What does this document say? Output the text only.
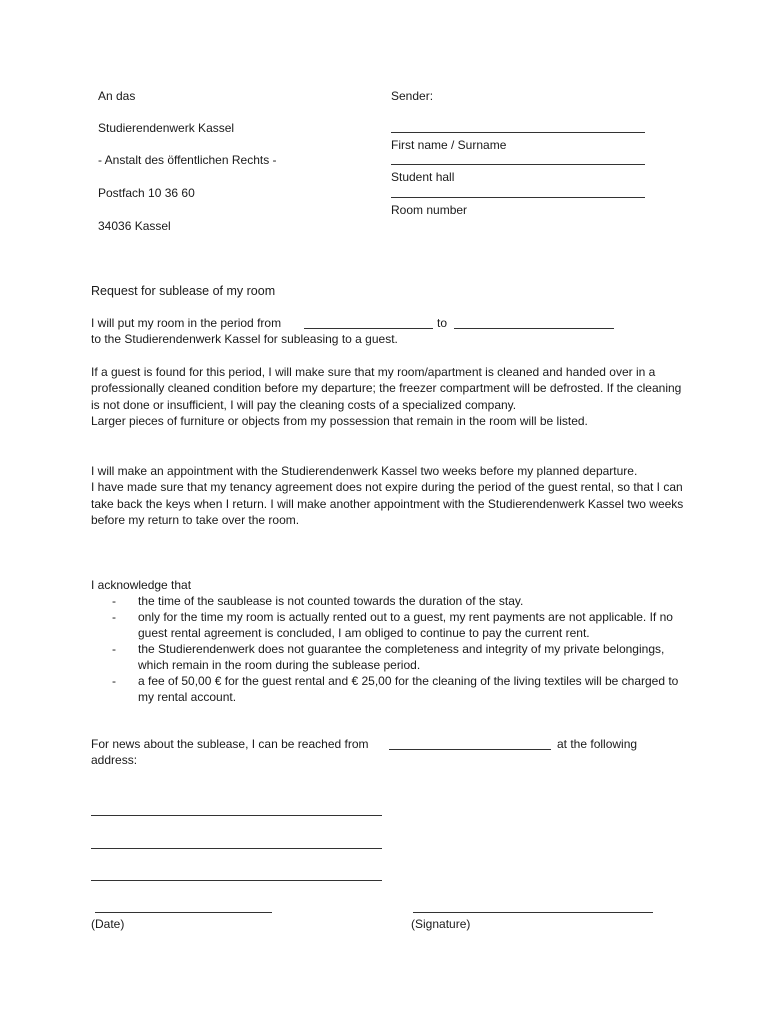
An das
Studierendenwerk Kassel
- Anstalt des öffentlichen Rechts -
Postfach 10 36 60
34036 Kassel
Sender:
First name / Surname
Student hall
Room number
Request for sublease of my room
I will put my room in the period from	to
to the Studierendenwerk Kassel for subleasing to a guest.

If a guest is found for this period, I will make sure that my room/apartment is cleaned and handed over in a professionally cleaned condition before my departure; the freezer compartment will be defrosted. If the cleaning is not done or insufficient, I will pay the cleaning costs of a specialized company.

Larger pieces of furniture or objects from my possession that remain in the room will be listed.

I will make an appointment with the Studierendenwerk Kassel two weeks before my planned departure.

I have made sure that my tenancy agreement does not expire during the period of the guest rental, so that I can take back the keys when I return. I will make another appointment with the Studierendenwerk Kassel two weeks before my return to take over the room.

I acknowledge that
- the time of the saublease is not counted towards the duration of the stay.
- only for the time my room is actually rented out to a guest, my rent payments are not applicable. If no guest rental agreement is concluded, I am obliged to continue to pay the current rent.
- the Studierendenwerk does not guarantee the completeness and integrity of my private belongings, which remain in the room during the sublease period.
- a fee of 50,00 € for the guest rental and € 25,00 for the cleaning of the living textiles will be charged to my rental account.
For news about the sublease, I can be reached from	at the following
address:
(Date)	(Signature)
